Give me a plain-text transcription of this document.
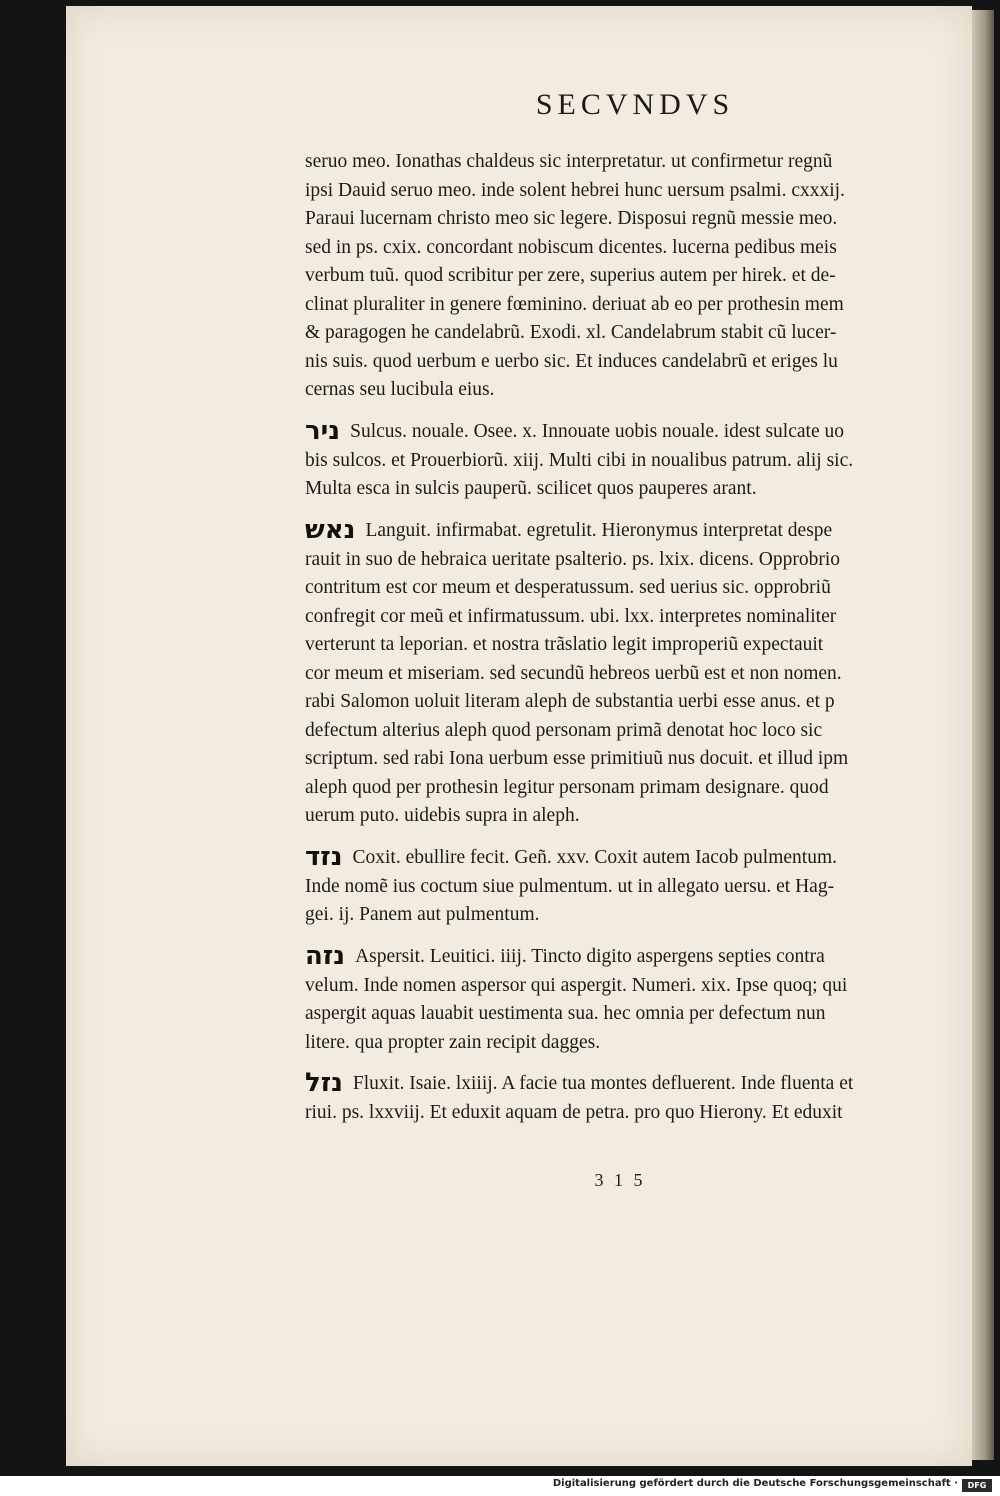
SECVNDVS
seruo meo. Ionathas chaldeus sic interpretatur. ut confirmetur regnũ
ipsi Dauid seruo meo. inde solent hebrei hunc uersum psalmi. cxxxij.
Paraui lucernam christo meo sic legere. Disposui regnũ messie meo.
sed in ps. cxix. concordant nobiscum dicentes. lucerna pedibus meis
verbum tuũ. quod scribitur per zere, superius autem per hirek. et de-
clinat pluraliter in genere fœminino. deriuat ab eo per prothesin mem
& paragogen he candelabrũ. Exodi. xl. Candelabrum stabit cũ lucer-
nis suis. quod uerbum e uerbo sic. Et induces candelabrũ et eriges lu
cernas seu lucibula eius.
ניר Sulcus. nouale. Osee. x. Innouate uobis nouale. idest sulcate uo
bis sulcos. et Prouerbiorũ. xiij. Multi cibi in noualibus patrum. alij sic.
Multa esca in sulcis pauperũ. scilicet quos pauperes arant.
נאש Languit. infirmabat. egretulit. Hieronymus interpretat despe
rauit in suo de hebraica ueritate psalterio. ps. lxix. dicens. Opprobrio
contritum est cor meum et desperatussum. sed uerius sic. opprobriũ
confregit cor meũ et infirmatussum. ubi. lxx. interpretes nominaliter
verterunt ta leporian. et nostra trãslatio legit improperiũ expectauit
cor meum et miseriam. sed secundũ hebreos uerbũ est et non nomen.
rabi Salomon uoluit literam aleph de substantia uerbi esse anus. et p
defectum alterius aleph quod personam primã denotat hoc loco sic
scriptum. sed rabi Iona uerbum esse primitiuũ nus docuit. et illud ipm
aleph quod per prothesin legitur personam primam designare. quod
uerum puto. uidebis supra in aleph.
נזד Coxit. ebullire fecit. Geñ. xxv. Coxit autem Iacob pulmentum.
Inde nomẽ ius coctum siue pulmentum. ut in allegato uersu. et Hag-
gei. ij. Panem aut pulmentum.
נזה Aspersit. Leuitici. iiij. Tincto digito aspergens septies contra
velum. Inde nomen aspersor qui aspergit. Numeri. xix. Ipse quoq; qui
aspergit aquas lauabit uestimenta sua. hec omnia per defectum nun
litere. qua propter zain recipit dagges.
נזל Fluxit. Isaie. lxiiij. A facie tua montes defluerent. Inde fluenta et
riui. ps. lxxviij. Et eduxit aquam de petra. pro quo Hierony. Et eduxit
3 1 5
Digitalisierung gefördert durch die Deutsche Forschungsgemeinschaft ·	DFG
